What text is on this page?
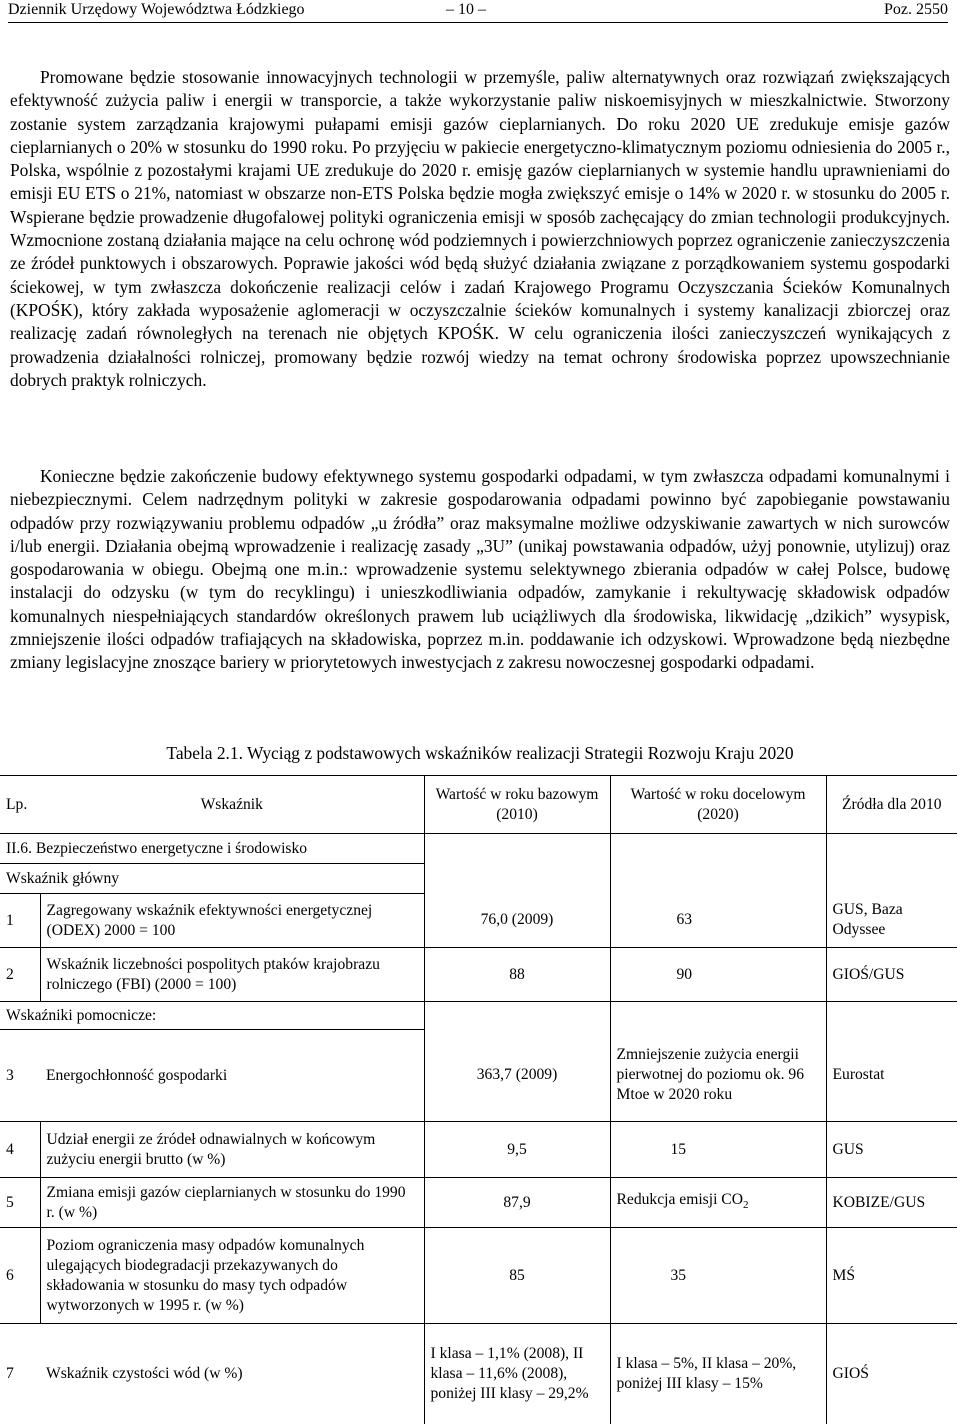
Dziennik Urzędowy Województwa Łódzkiego	– 10 –	Poz. 2550

Promowane będzie stosowanie innowacyjnych technologii w przemyśle, paliw alternatywnych oraz rozwiązań zwiększających efektywność zużycia paliw i energii w transporcie, a także wykorzystanie paliw niskoemisyjnych w mieszkalnictwie. Stworzony zostanie system zarządzania krajowymi pułapami emisji gazów cieplarnianych. Do roku 2020 UE zredukuje emisje gazów cieplarnianych o 20% w stosunku do 1990 roku. Po przyjęciu w pakiecie energetyczno-klimatycznym poziomu odniesienia do 2005 r., Polska, wspólnie z pozostałymi krajami UE zredukuje do 2020 r. emisję gazów cieplarnianych w systemie handlu uprawnieniami do emisji EU ETS o 21%, natomiast w obszarze non-ETS Polska będzie mogła zwiększyć emisje o 14% w 2020 r. w stosunku do 2005 r. Wspierane będzie prowadzenie długofalowej polityki ograniczenia emisji w sposób zachęcający do zmian technologii produkcyjnych. Wzmocnione zostaną działania mające na celu ochronę wód podziemnych i powierzchniowych poprzez ograniczenie zanieczyszczenia ze źródeł punktowych i obszarowych. Poprawie jakości wód będą służyć działania związane z porządkowaniem systemu gospodarki ściekowej, w tym zwłaszcza dokończenie realizacji celów i zadań Krajowego Programu Oczyszczania Ścieków Komunalnych (KPOŚK), który zakłada wyposażenie aglomeracji w oczyszczalnie ścieków komunalnych i systemy kanalizacji zbiorczej oraz realizację zadań równoległych na terenach nie objętych KPOŚK. W celu ograniczenia ilości zanieczyszczeń wynikających z prowadzenia działalności rolniczej, promowany będzie rozwój wiedzy na temat ochrony środowiska poprzez upowszechnianie dobrych praktyk rolniczych.

Konieczne będzie zakończenie budowy efektywnego systemu gospodarki odpadami, w tym zwłaszcza odpadami komunalnymi i niebezpiecznymi. Celem nadrzędnym polityki w zakresie gospodarowania odpadami powinno być zapobieganie powstawaniu odpadów przy rozwiązywaniu problemu odpadów „u źródła” oraz maksymalne możliwe odzyskiwanie zawartych w nich surowców i/lub energii. Działania obejmą wprowadzenie i realizację zasady „3U” (unikaj powstawania odpadów, użyj ponownie, utylizuj) oraz gospodarowania w obiegu. Obejmą one m.in.: wprowadzenie systemu selektywnego zbierania odpadów w całej Polsce, budowę instalacji do odzysku (w tym do recyklingu) i unieszkodliwiania odpadów, zamykanie i rekultywację składowisk odpadów komunalnych niespełniających standardów określonych prawem lub uciążliwych dla środowiska, likwidację „dzikich” wysypisk, zmniejszenie ilości odpadów trafiających na składowiska, poprzez m.in. poddawanie ich odzyskowi. Wprowadzone będą niezbędne zmiany legislacyjne znoszące bariery w priorytetowych inwestycjach z zakresu nowoczesnej gospodarki odpadami.

Tabela 2.1. Wyciąg z podstawowych wskaźników realizacji Strategii Rozwoju Kraju 2020
Lp.	Wskaźnik	Wartość w roku bazowym (2010)	Wartość w roku docelowym (2020)	Źródła dla 2010
II.6. Bezpieczeństwo energetyczne i środowisko				
Wskaźnik główny				
1	Zagregowany wskaźnik efektywności energetycznej (ODEX) 2000 = 100	76,0 (2009)	63	GUS, Baza Odyssee
2	Wskaźnik liczebności pospolitych ptaków krajobrazu rolniczego (FBI) (2000 = 100)	88	90	GIOŚ/GUS
Wskaźniki pomocnicze:				
3	Energochłonność gospodarki	363,7 (2009)	Zmniejszenie zużycia energii pierwotnej do poziomu ok. 96 Mtoe w 2020 roku	Eurostat
4	Udział energii ze źródeł odnawialnych w końcowym zużyciu energii brutto (w %)	9,5	15	GUS
5	Zmiana emisji gazów cieplarnianych w stosunku do 1990 r. (w %)	87,9	Redukcja emisji $CO_2$	KOBIZE/GUS
6	Poziom ograniczenia masy odpadów komunalnych ulegających biodegradacji przekazywanych do składowania w stosunku do masy tych odpadów wytworzonych w 1995 r. (w %)	85	35	MŚ
7	Wskaźnik czystości wód (w %)	I klasa – 1,1% (2008), II klasa – 11,6% (2008), poniżej III klasy – 29,2%	I klasa – 5%, II klasa – 20%, poniżej III klasy – 15%	GIOŚ
